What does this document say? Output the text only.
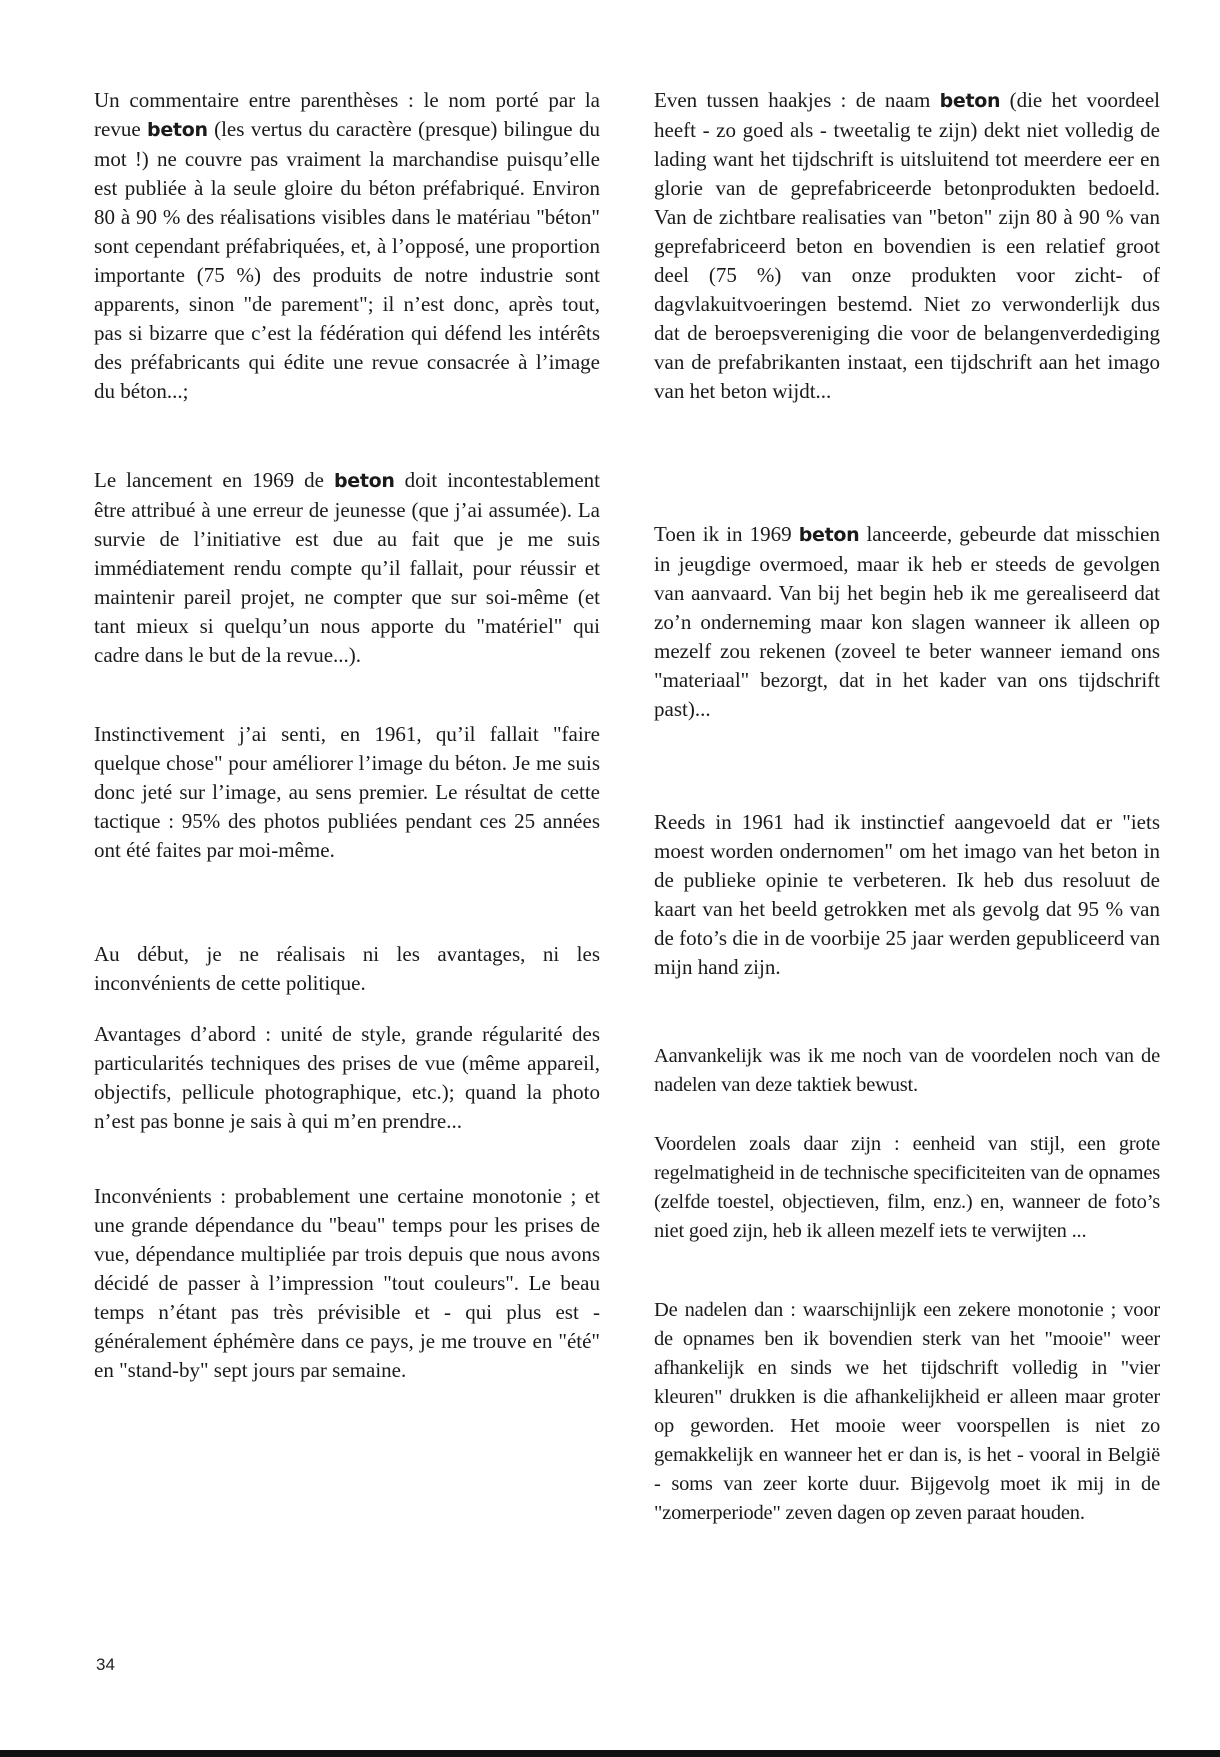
Un commentaire entre parenthèses : le nom porté par la revue beton (les vertus du caractère (presque) bilingue du mot !) ne couvre pas vraiment la marchandise puisqu’elle est publiée à la seule gloire du béton préfabriqué. Environ 80 à 90 % des réalisations visibles dans le matériau "béton" sont cependant préfabriquées, et, à l’opposé, une proportion importante (75 %) des produits de notre industrie sont apparents, sinon "de parement"; il n’est donc, après tout, pas si bizarre que c’est la fédération qui défend les intérêts des préfabricants qui édite une revue consacrée à l’image du béton...;

Le lancement en 1969 de beton doit incontestablement être attribué à une erreur de jeunesse (que j’ai assumée). La survie de l’initiative est due au fait que je me suis immédiatement rendu compte qu’il fallait, pour réussir et maintenir pareil projet, ne compter que sur soi-même (et tant mieux si quelqu’un nous apporte du "matériel" qui cadre dans le but de la revue...).

Instinctivement j’ai senti, en 1961, qu’il fallait "faire quelque chose" pour améliorer l’image du béton. Je me suis donc jeté sur l’image, au sens premier. Le résultat de cette tactique : 95% des photos publiées pendant ces 25 années ont été faites par moi-même.

Au début, je ne réalisais ni les avantages, ni les inconvénients de cette politique.

Avantages d’abord : unité de style, grande régularité des particularités techniques des prises de vue (même appareil, objectifs, pellicule photographique, etc.); quand la photo n’est pas bonne je sais à qui m’en prendre...

Inconvénients : probablement une certaine monotonie ; et une grande dépendance du "beau" temps pour les prises de vue, dépendance multipliée par trois depuis que nous avons décidé de passer à l’impression "tout couleurs". Le beau temps n’étant pas très prévisible et - qui plus est - généralement éphémère dans ce pays, je me trouve en "été" en "stand-by" sept jours par semaine.

Even tussen haakjes : de naam beton (die het voordeel heeft - zo goed als - tweetalig te zijn) dekt niet volledig de lading want het tijdschrift is uitsluitend tot meerdere eer en glorie van de geprefabriceerde betonprodukten bedoeld. Van de zichtbare realisaties van "beton" zijn 80 à 90 % van geprefabriceerd beton en bovendien is een relatief groot deel (75 %) van onze produkten voor zicht- of dagvlakuitvoeringen bestemd. Niet zo verwonderlijk dus dat de beroepsvereniging die voor de belangenverdediging van de prefabrikanten instaat, een tijdschrift aan het imago van het beton wijdt...

Toen ik in 1969 beton lanceerde, gebeurde dat misschien in jeugdige overmoed, maar ik heb er steeds de gevolgen van aanvaard. Van bij het begin heb ik me gerealiseerd dat zo’n onderneming maar kon slagen wanneer ik alleen op mezelf zou rekenen (zoveel te beter wanneer iemand ons "materiaal" bezorgt, dat in het kader van ons tijdschrift past)...

Reeds in 1961 had ik instinctief aangevoeld dat er "iets moest worden ondernomen" om het imago van het beton in de publieke opinie te verbeteren. Ik heb dus resoluut de kaart van het beeld getrokken met als gevolg dat 95 % van de foto’s die in de voorbije 25 jaar werden gepubliceerd van mijn hand zijn.

Aanvankelijk was ik me noch van de voordelen noch van de nadelen van deze taktiek bewust.

Voordelen zoals daar zijn : eenheid van stijl, een grote regelmatigheid in de technische specificiteiten van de opnames (zelfde toestel, objectieven, film, enz.) en, wanneer de foto’s niet goed zijn, heb ik alleen mezelf iets te verwijten ...

De nadelen dan : waarschijnlijk een zekere monotonie ; voor de opnames ben ik bovendien sterk van het "mooie" weer afhankelijk en sinds we het tijdschrift volledig in "vier kleuren" drukken is die afhankelijkheid er alleen maar groter op geworden. Het mooie weer voorspellen is niet zo gemakkelijk en wanneer het er dan is, is het - vooral in België - soms van zeer korte duur. Bijgevolg moet ik mij in de "zomerperiode" zeven dagen op zeven paraat houden.

34
